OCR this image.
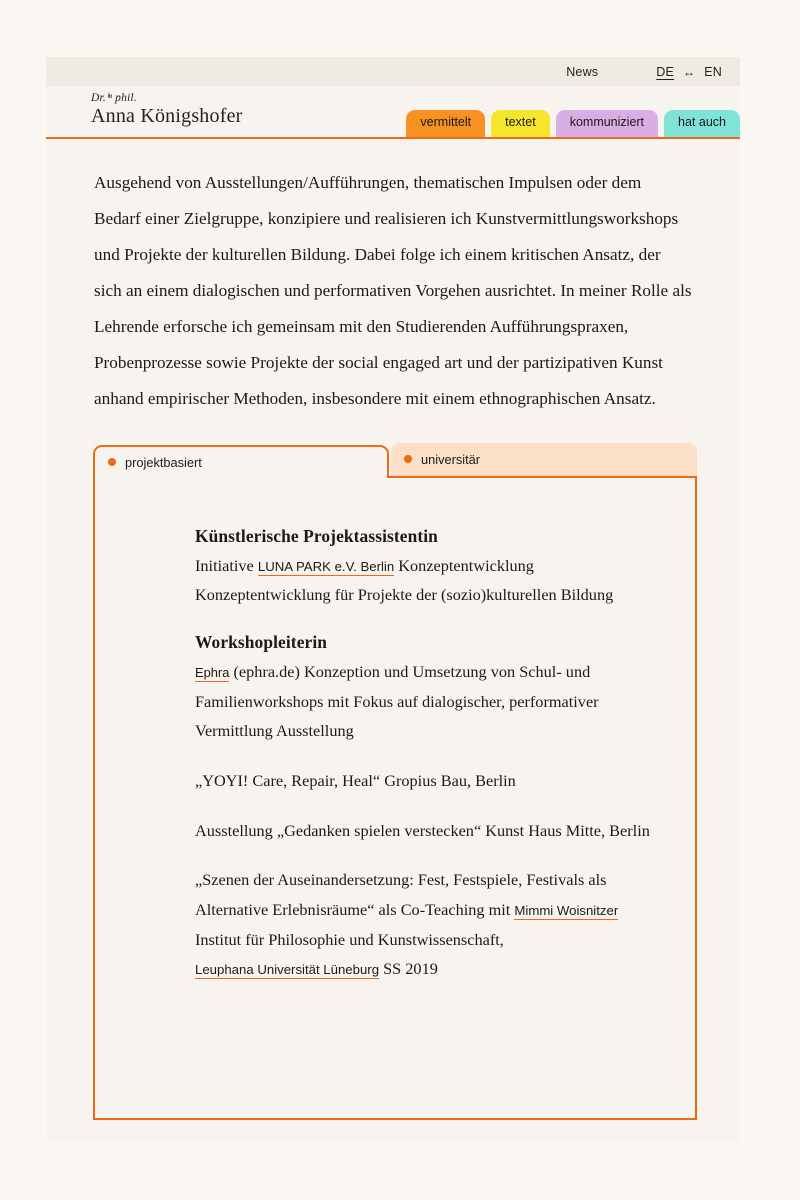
News	DE ↔ EN
Dr.ⁱⁿ phil.
Anna Königshofer	vermittelt	textet	kommuniziert	hat auch
Ausgehend von Ausstellungen/Aufführungen, thematischen Impulsen oder dem Bedarf einer Zielgruppe, konzipiere und realisieren ich Kunstvermittlungsworkshops und Projekte der kulturellen Bildung. Dabei folge ich einem kritischen Ansatz, der sich an einem dialogischen und performativen Vorgehen ausrichtet. In meiner Rolle als Lehrende erforsche ich gemeinsam mit den Studierenden Aufführungspraxen, Probenprozesse sowie Projekte der social engaged art und der partizipativen Kunst anhand empirischer Methoden, insbesondere mit einem ethnographischen Ansatz.
projektbasiert	universitär
Künstlerische Projektassistentin

Initiative LUNA PARK e.V. Berlin Konzeptentwicklung Konzeptentwicklung für Projekte der (sozio)kulturellen Bildung

Workshopleiterin

Ephra (ephra.de) Konzeption und Umsetzung von Schul- und Familienworkshops mit Fokus auf dialogischer, performativer Vermittlung Ausstellung

„YOYI! Care, Repair, Heal“ Gropius Bau, Berlin

Ausstellung „Gedanken spielen verstecken“ Kunst Haus Mitte, Berlin

„Szenen der Auseinandersetzung: Fest, Festspiele, Festivals als Alternative Erlebnisräume“ als Co-Teaching mit Mimmi Woisnitzer Institut für Philosophie und Kunstwissenschaft, Leuphana Universität Lüneburg SS 2019
